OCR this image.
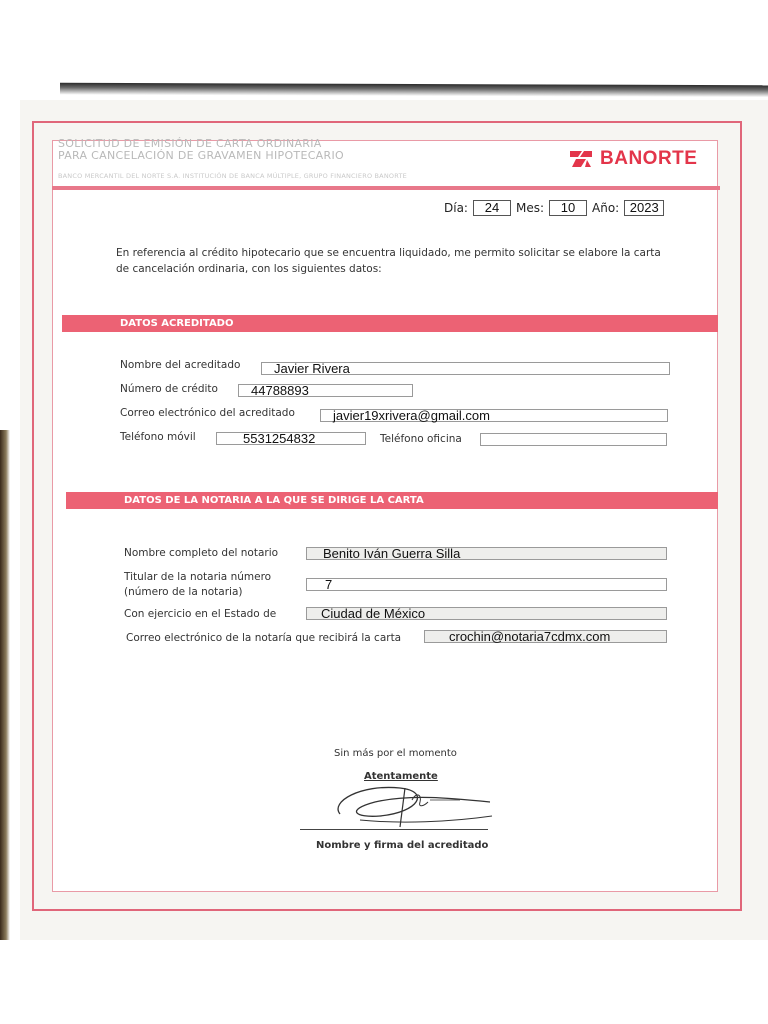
SOLICITUD DE EMISIÓN DE CARTA ORDINARIA
PARA CANCELACIÓN DE GRAVAMEN HIPOTECARIO
BANCO MERCANTIL DEL NORTE S.A. INSTITUCIÓN DE BANCA MÚLTIPLE, GRUPO FINANCIERO BANORTE
BANORTE
Día:	24	Mes:	10	Año: 2023
En referencia al crédito hipotecario que se encuentra liquidado, me permito solicitar se elabore la carta de cancelación ordinaria, con los siguientes datos:
DATOS ACREDITADO
Nombre del acreditado	Javier Rivera
Número de crédito	44788893
Correo electrónico del acreditado	javier19xrivera@gmail.com
Teléfono móvil	5531254832	Teléfono oficina
DATOS DE LA NOTARIA A LA QUE SE DIRIGE LA CARTA
Nombre completo del notario	Benito Iván Guerra Silla
Titular de la notaria número
(número de la notaria)	7
Con ejercicio en el Estado de	Ciudad de México
Correo electrónico de la notaría que recibirá la carta	crochin@notaria7cdmx.com
Sin más por el momento
Atentamente
Nombre y firma del acreditado
